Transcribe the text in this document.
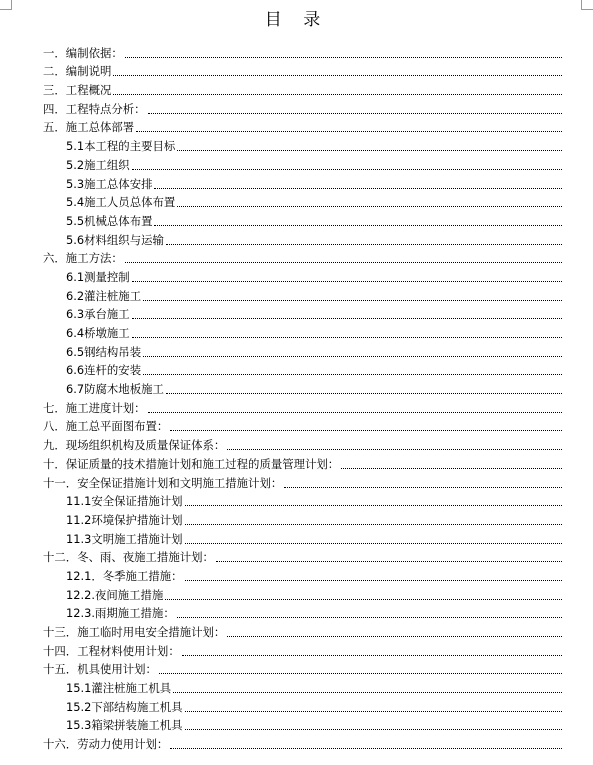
目 录
一． 编制依据：
二． 编制说明
三． 工程概况
四． 工程特点分析：
五． 施工总体部署
5.1 本工程的主要目标
5.2 施工组织
5.3 施工总体安排
5.4 施工人员总体布置
5.5 机械总体布置
5.6 材料组织与运输
六． 施工方法：
6.1 测量控制
6.2 灌注桩施工
6.3 承台施工
6.4 桥墩施工
6.5 钢结构吊装
6.6 连杆的安装
6.7 防腐木地板施工
七． 施工进度计划：
八． 施工总平面图布置：
九． 现场组织机构及质量保证体系：
十． 保证质量的技术措施计划和施工过程的质量管理计划：
十一． 安全保证措施计划和文明施工措施计划：
11.1 安全保证措施计划
11.2 环境保护措施计划
11.3 文明施工措施计划
十二． 冬、雨、夜施工措施计划：
12.1． 冬季施工措施：
12.2. 夜间施工措施
12.3. 雨期施工措施：
十三． 施工临时用电安全措施计划：
十四． 工程材料使用计划：
十五． 机具使用计划：
15.1 灌注桩施工机具
15.2 下部结构施工机具
15.3 箱梁拼装施工机具
十六． 劳动力使用计划：
